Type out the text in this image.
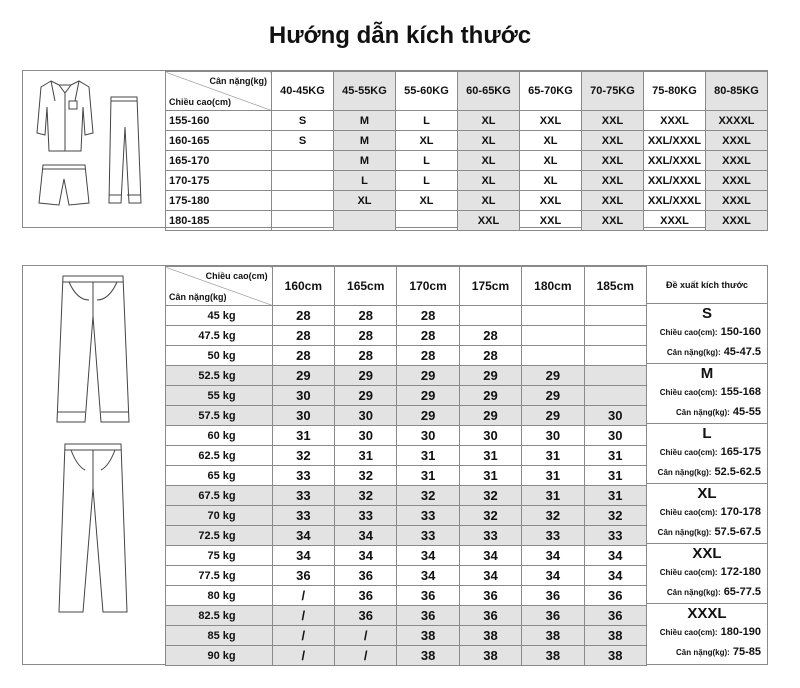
Hướng dẫn kích thước
Cân nặng(kg)
Chiều cao(cm)	40-45KG	45-55KG	55-60KG	60-65KG	65-70KG	70-75KG	75-80KG	80-85KG
155-160	S	M	L	XL	XXL	XXL	XXXL	XXXXL
160-165	S	M	XL	XL	XL	XXL	XXL/XXXL	XXXL
165-170		M	L	XL	XL	XXL	XXL/XXXL	XXXL
170-175		L	L	XL	XL	XXL	XXL/XXXL	XXXL
175-180		XL	XL	XL	XXL	XXL	XXL/XXXL	XXXL
180-185				XXL	XXL	XXL	XXXL	XXXL
Chiều cao(cm)
Cân nặng(kg)	160cm	165cm	170cm	175cm	180cm	185cm
45 kg	28	28	28			
47.5 kg	28	28	28	28		
50 kg	28	28	28	28		
52.5 kg	29	29	29	29	29	
55 kg	30	29	29	29	29	
57.5 kg	30	30	29	29	29	30
60 kg	31	30	30	30	30	30
62.5 kg	32	31	31	31	31	31
65 kg	33	32	31	31	31	31
67.5 kg	33	32	32	32	31	31
70 kg	33	33	33	32	32	32
72.5 kg	34	34	33	33	33	33
75 kg	34	34	34	34	34	34
77.5 kg	36	36	34	34	34	34
80 kg	/	36	36	36	36	36
82.5 kg	/	36	36	36	36	36
85 kg	/	/	38	38	38	38
90 kg	/	/	38	38	38	38
Đề xuất kích thước
S
Chiều cao(cm): 150-160
Cân nặng(kg): 45-47.5
M
Chiều cao(cm): 155-168
Cân nặng(kg): 45-55
L
Chiều cao(cm): 165-175
Cân nặng(kg): 52.5-62.5
XL
Chiều cao(cm): 170-178
Cân nặng(kg): 57.5-67.5
XXL
Chiều cao(cm): 172-180
Cân nặng(kg): 65-77.5
XXXL
Chiều cao(cm): 180-190
Cân nặng(kg): 75-85
